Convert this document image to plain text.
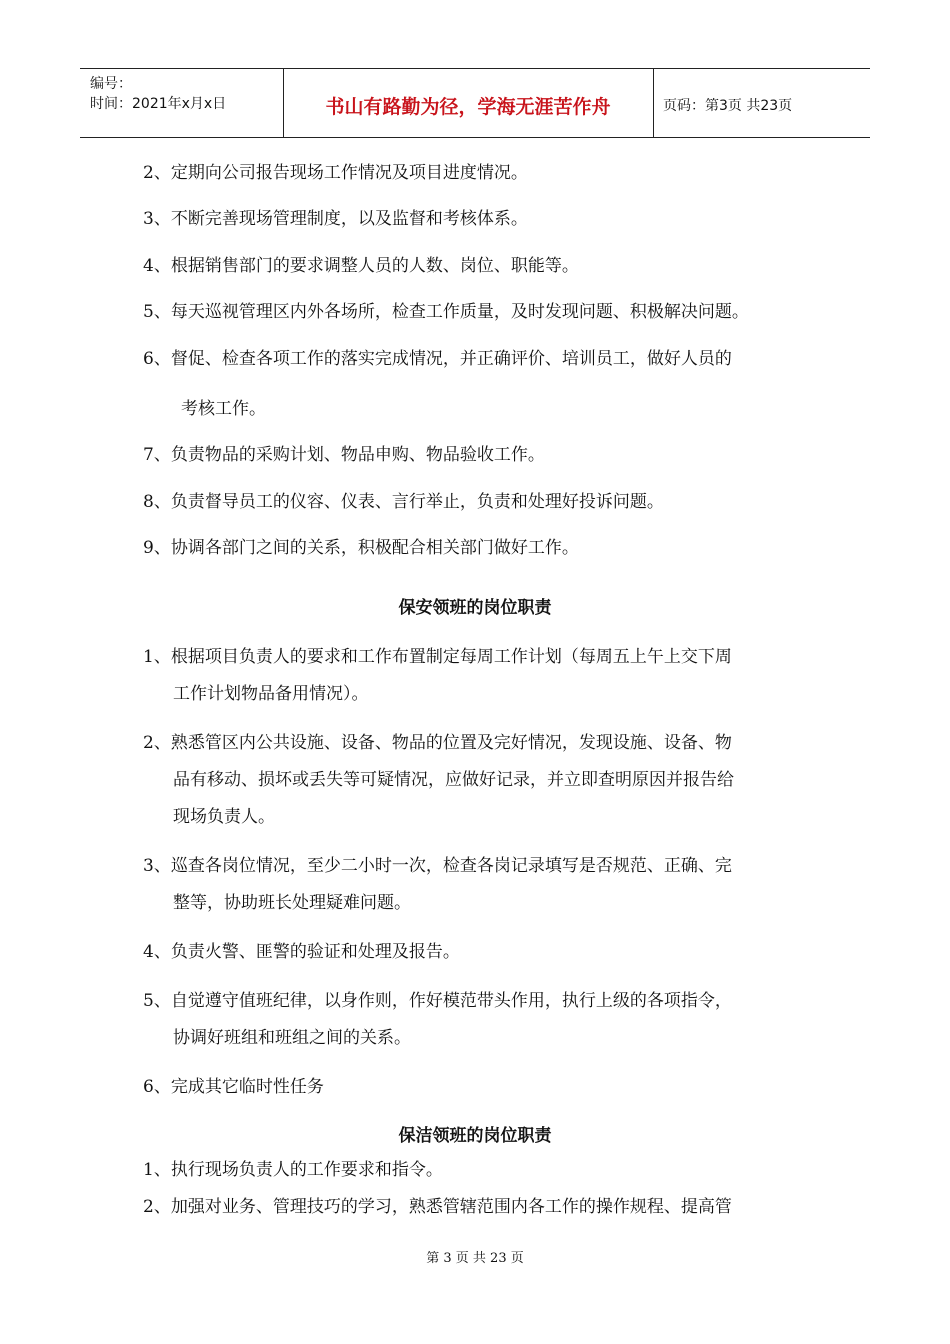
编号：
时间：2021年x月x日	书山有路勤为径，学海无涯苦作舟	页码：第3页 共23页
2、定期向公司报告现场工作情况及项目进度情况。
3、不断完善现场管理制度，以及监督和考核体系。
4、根据销售部门的要求调整人员的人数、岗位、职能等。
5、每天巡视管理区内外各场所，检查工作质量，及时发现问题、积极解决问题。
6、督促、检查各项工作的落实完成情况，并正确评价、培训员工，做好人员的
考核工作。
7、负责物品的采购计划、物品申购、物品验收工作。
8、负责督导员工的仪容、仪表、言行举止，负责和处理好投诉问题。
9、协调各部门之间的关系，积极配合相关部门做好工作。
保安领班的岗位职责
1、根据项目负责人的要求和工作布置制定每周工作计划（每周五上午上交下周
工作计划物品备用情况）。
2、熟悉管区内公共设施、设备、物品的位置及完好情况，发现设施、设备、物
品有移动、损坏或丢失等可疑情况，应做好记录，并立即查明原因并报告给
现场负责人。
3、巡查各岗位情况，至少二小时一次，检查各岗记录填写是否规范、正确、完
整等，协助班长处理疑难问题。
4、负责火警、匪警的验证和处理及报告。
5、自觉遵守值班纪律，以身作则，作好模范带头作用，执行上级的各项指令，
协调好班组和班组之间的关系。
6、完成其它临时性任务
保洁领班的岗位职责
1、执行现场负责人的工作要求和指令。
2、加强对业务、管理技巧的学习，熟悉管辖范围内各工作的操作规程、提高管
第 3 页 共 23 页
